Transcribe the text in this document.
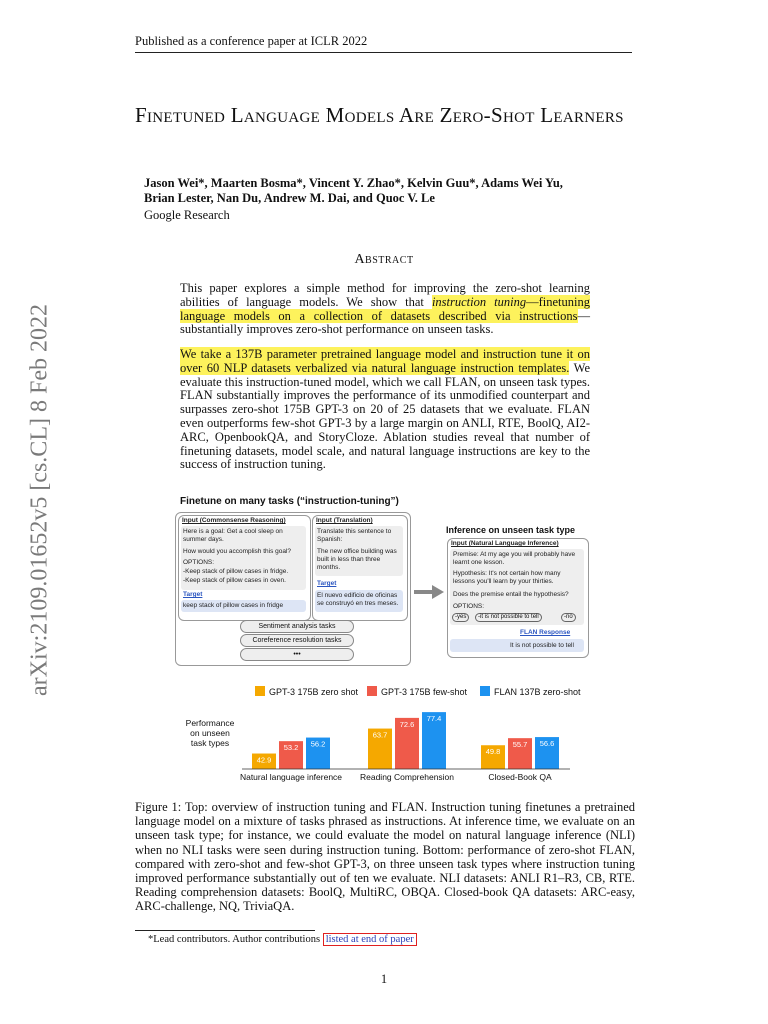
Published as a conference paper at ICLR 2022
arXiv:2109.01652v5 [cs.CL] 8 Feb 2022
Finetuned Language Models Are Zero-Shot Learners
Jason Wei*, Maarten Bosma*, Vincent Y. Zhao*, Kelvin Guu*, Adams Wei Yu,
Brian Lester, Nan Du, Andrew M. Dai, and Quoc V. Le
Google Research
Abstract
This paper explores a simple method for improving the zero-shot learning abilities of language models. We show that instruction tuning—finetuning language models on a collection of datasets described via instructions—substantially improves zero-shot performance on unseen tasks.
We take a 137B parameter pretrained language model and instruction tune it on over 60 NLP datasets verbalized via natural language instruction templates. We evaluate this instruction-tuned model, which we call FLAN, on unseen task types. FLAN substantially improves the performance of its unmodified counterpart and surpasses zero-shot 175B GPT-3 on 20 of 25 datasets that we evaluate. FLAN even outperforms few-shot GPT-3 by a large margin on ANLI, RTE, BoolQ, AI2-ARC, OpenbookQA, and StoryCloze. Ablation studies reveal that number of finetuning datasets, model scale, and natural language instructions are key to the success of instruction tuning.
Finetune on many tasks (“instruction-tuning”)
Input (Commonsense Reasoning)
Here is a goal: Get a cool sleep on summer days.
How would you accomplish this goal?
OPTIONS:
-Keep stack of pillow cases in fridge.
-Keep stack of pillow cases in oven.
Target
keep stack of pillow cases in fridge
Input (Translation)
Translate this sentence to Spanish:
The new office building was built in less than three months.
Target
El nuevo edificio de oficinas se construyó en tres meses.
Sentiment analysis tasks
Coreference resolution tasks
•••
Inference on unseen task type
Input (Natural Language Inference)
Premise: At my age you will probably have learnt one lesson.
Hypothesis: It's not certain how many lessons you'll learn by your thirties.
Does the premise entail the hypothesis?
OPTIONS:
-yes	-it is not possible to tell	-no
FLAN Response
It is not possible to tell
GPT-3 175B zero shot	GPT-3 175B few-shot	FLAN 137B zero-shot
Performance
on unseen
task types
42.9
53.2 56.2
Natural language inference
63.7
72.6
77.4
Reading Comprehension
49.8
55.7 56.6
Closed-Book QA
Figure 1: Top: overview of instruction tuning and FLAN. Instruction tuning finetunes a pretrained language model on a mixture of tasks phrased as instructions. At inference time, we evaluate on an unseen task type; for instance, we could evaluate the model on natural language inference (NLI) when no NLI tasks were seen during instruction tuning. Bottom: performance of zero-shot FLAN, compared with zero-shot and few-shot GPT-3, on three unseen task types where instruction tuning improved performance substantially out of ten we evaluate. NLI datasets: ANLI R1–R3, CB, RTE. Reading comprehension datasets: BoolQ, MultiRC, OBQA. Closed-book QA datasets: ARC-easy, ARC-challenge, NQ, TriviaQA.
*Lead contributors. Author contributions listed at end of paper
1
